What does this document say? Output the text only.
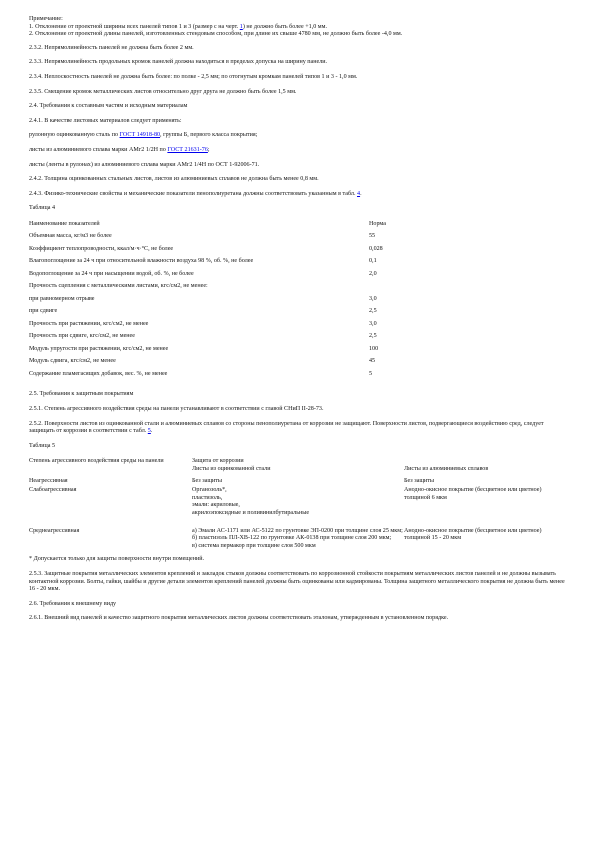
Примечание:

1. Отклонение от проектной ширины всех панелей типов 1 и 3 (размер с на черт. 1) не должно быть более +1,0 мм.

2. Отклонение от проектной длины панелей, изготовленных стендовым способом, при длине их свыше 4780 мм, не должно быть более -4,0 мм.

2.3.2. Непрямолинейность панелей не должна быть более 2 мм.

2.3.3. Непрямолинейность продольных кромок панелей должна находиться в пределах допуска на ширину панели.

2.3.4. Неплоскостность панелей не должна быть более: по полке - 2,5 мм; по отогнутым кромкам панелей типов 1 и 3 - 1,0 мм.

2.3.5. Смещение кромок металлических листов относительно друг друга не должно быть более 1,5 мм.

2.4. Требования к составным частям и исходным материалам

2.4.1. В качестве листовых материалов следует применять:

рулонную оцинкованную сталь по ГОСТ 14918-80, группы Б, первого класса покрытия;

листы из алюминиевого сплава марки АМг2 1/2Н по ГОСТ 21631-76;

листы (ленты в рулонах) из алюминиевого сплава марки АМг2 1/4Н по ОСТ 1-92006-71.

2.4.2. Толщина оцинкованных стальных листов, листов из алюминиевых сплавов не должна быть менее 0,8 мм.

2.4.3. Физико-технические свойства и механические показатели пенополиуретана должны соответствовать указанным в табл. 4.

Таблица 4

Наименование показателей	Норма
Объемная масса, кг/м3 не более	55
Коэффициент теплопроводности, ккал/м·ч·°С, не более	0,028
Влагопоглощение за 24 ч при относительной влажности воздуха 98 %, об. %, не более	0,1
Водопоглощение за 24 ч при насыщении водой, об. %, не более	2,0
Прочность сцепления с металлическими листами, кгс/см2, не менее:	
при равномерном отрыве	3,0
при сдвиге	2,5
Прочность при растяжении, кгс/см2, не менее	3,0
Прочность при сдвиге, кгс/см2, не менее	2,5
Модуль упругости при растяжении, кгс/см2, не менее	100
Модуль сдвига, кгс/см2, не менее	45
Содержание пламегасящих добавок, вес. %, не менее	5

2.5. Требования к защитным покрытиям

2.5.1. Степень агрессивного воздействия среды на панели устанавливают в соответствии с главой СНиП II-28-73.

2.5.2. Поверхности листов из оцинкованной стали и алюминиевых сплавов со стороны пенополиуретана от коррозии не защищают. Поверхности листов, подвергающиеся воздействию сред, следует защищать от коррозии в соответствии с табл. 5.

Таблица 5

Степень агрессивного воздействия среды на панели	Защита от коррозии	
	Листы из оцинкованной стали	Листы из алюминиевых сплавов
Неагрессивная	Без защиты	Без защиты
Слабоагрессивная	Органозоль*,
пластизоль,
эмали: акриловые,
акрилоэпоксидные и поливинилбутиральные	Анодно-окисное покрытие (бесцветное или цветное) толщиной 6 мкм
Среднеагрессивная	а) Эмали АС-1171 или АС-5122 по грунтовке ЭП-0200 при толщине слоя 25 мкм;
б) пластизоль ПЛ-ХВ-122 по грунтовке АК-0138 при толщине слоя 200 мкм;
в) система пермакор при толщине слоя 500 мкм	Анодно-окисное покрытие (бесцветное или цветное) толщиной 15 - 20 мкм

* Допускается только для защиты поверхности внутри помещений.

2.5.3. Защитные покрытия металлических элементов креплений и закладок стыков должны соответствовать по коррозионной стойкости покрытиям металлических листов панелей и не должны вызывать контактной коррозии. Болты, гайки, шайбы и другие детали элементов креплений панелей должны быть оцинкованы или кадмированы. Толщина защитного металлического покрытия не должна быть менее 16 - 20 мкм.

2.6. Требования к внешнему виду

2.6.1. Внешний вид панелей и качество защитного покрытия металлических листов должны соответствовать эталонам, утвержденным в установленном порядке.
